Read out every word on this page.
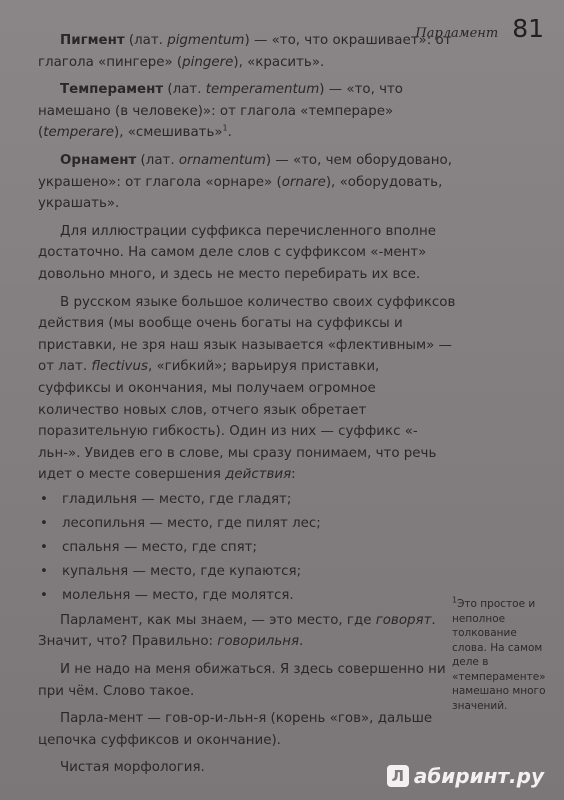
Парламент 81

Пигмент (лат. pigmentum) — «то, что окрашивает»: от глагола «пингере» (pingere), «красить».

Темперамент (лат. temperamentum) — «то, что намешано (в человеке)»: от глагола «темпераре» (temperare), «смешивать»$^1$.

Орнамент (лат. ornamentum) — «то, чем оборудовано, украшено»: от глагола «орнаре» (ornare), «оборудовать, украшать».

Для иллюстрации суффикса перечисленного вполне достаточно. На самом деле слов с суффиксом «-мент» довольно много, и здесь не место перебирать их все.

В русском языке большое количество своих суффиксов действия (мы вообще очень богаты на суффиксы и приставки, не зря наш язык называется «флективным» — от лат. flectivus, «гибкий»; варьируя приставки, суффиксы и окончания, мы получаем огромное количество новых слов, отчего язык обретает поразительную гибкость). Один из них — суффикс «-льн-». Увидев его в слове, мы сразу понимаем, что речь идет о месте совершения действия:

• гладильня — место, где гладят;
• лесопильня — место, где пилят лес;
• спальня — место, где спят;
• купальня — место, где купаются;
• молельня — место, где молятся.

Парламент, как мы знаем, — это место, где говорят. Значит, что? Правильно: говорильня.

И не надо на меня обижаться. Я здесь совершенно ни при чём. Слово такое.

Парла-мент — гов-ор-и-льн-я (корень «гов», дальше цепочка суффиксов и окончание).

Чистая морфология.

$^1$Это простое и неполное толкование слова. На самом деле в «темпераменте» намешано много значений.
Л абиринт.ру
